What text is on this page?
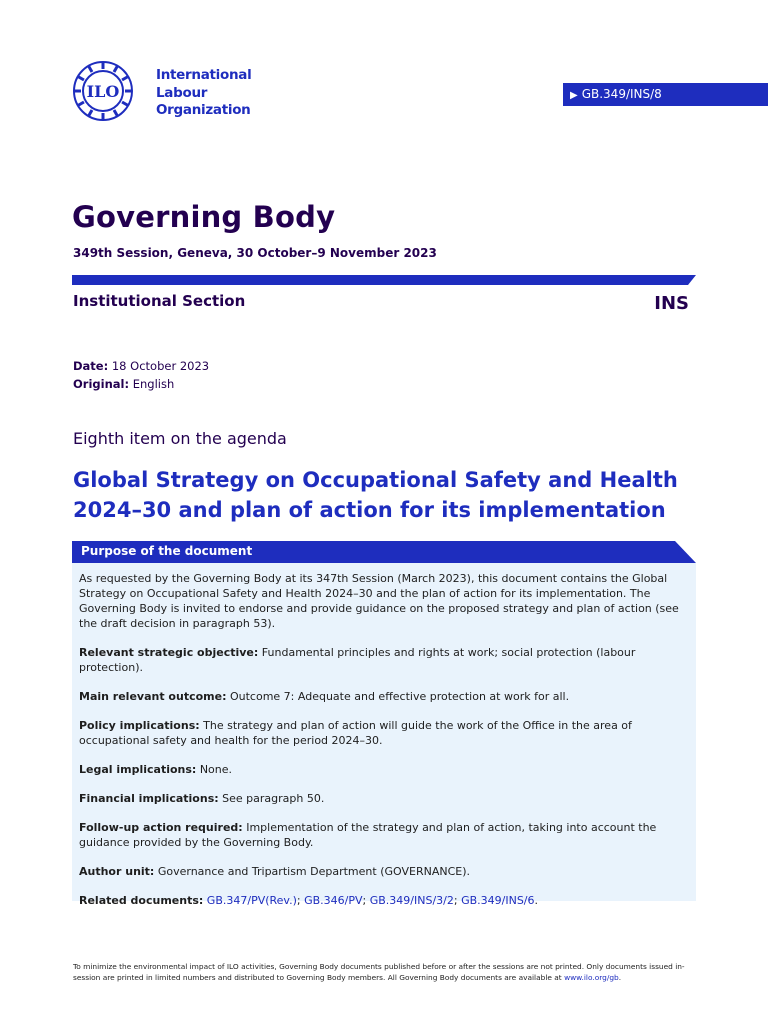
ILO
International
Labour
Organization
▶ GB.349/INS/8
Governing Body
349th Session, Geneva, 30 October–9 November 2023
Institutional Section	INS
Date: 18 October 2023
Original: English
Eighth item on the agenda
Global Strategy on Occupational Safety and Health 2024–30 and plan of action for its implementation
Purpose of the document

As requested by the Governing Body at its 347th Session (March 2023), this document contains the Global Strategy on Occupational Safety and Health 2024–30 and the plan of action for its implementation. The Governing Body is invited to endorse and provide guidance on the proposed strategy and plan of action (see the draft decision in paragraph 53).

Relevant strategic objective: Fundamental principles and rights at work; social protection (labour protection).

Main relevant outcome: Outcome 7: Adequate and effective protection at work for all.

Policy implications: The strategy and plan of action will guide the work of the Office in the area of occupational safety and health for the period 2024–30.

Legal implications: None.

Financial implications: See paragraph 50.

Follow-up action required: Implementation of the strategy and plan of action, taking into account the guidance provided by the Governing Body.

Author unit: Governance and Tripartism Department (GOVERNANCE).

Related documents: GB.347/PV(Rev.); GB.346/PV; GB.349/INS/3/2; GB.349/INS/6.

To minimize the environmental impact of ILO activities, Governing Body documents published before or after the sessions are not printed. Only documents issued in-session are printed in limited numbers and distributed to Governing Body members. All Governing Body documents are available at www.ilo.org/gb.
